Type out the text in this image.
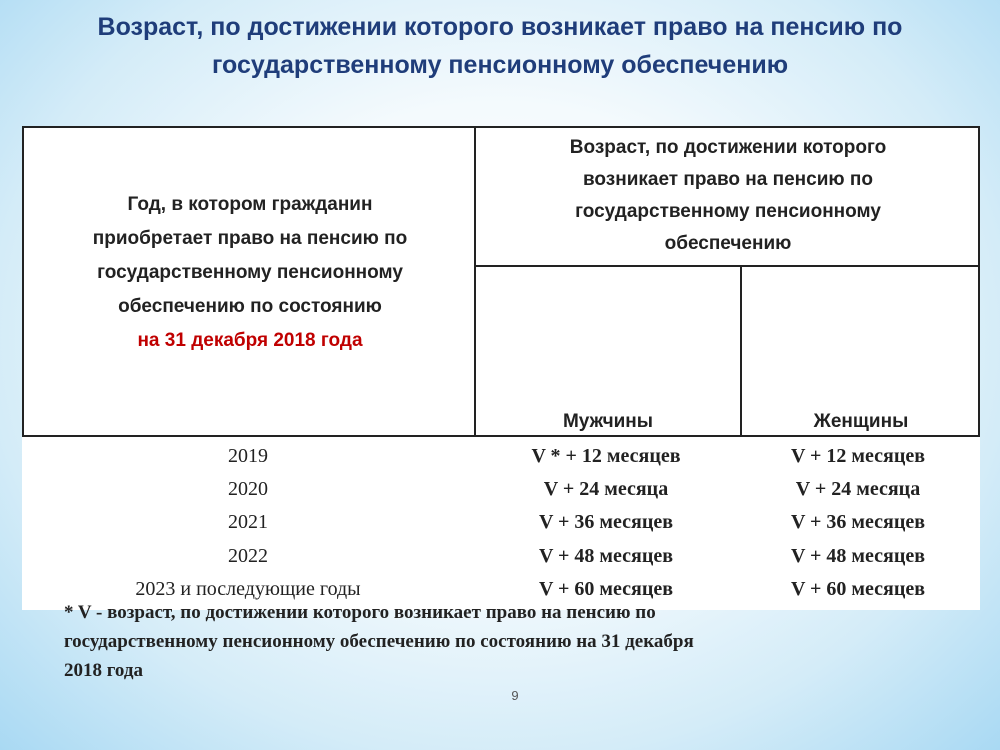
Возраст, по достижении которого возникает право на пенсию по
государственному пенсионному обеспечению
Год, в котором гражданин
приобретает право на пенсию по
государственному пенсионному
обеспечению по состоянию
на 31 декабря 2018 года
Возраст, по достижении которого
возникает право на пенсию по
государственному пенсионному
обеспечению
Мужчины	Женщины
2019	V * + 12 месяцев	V + 12 месяцев
2020	V + 24 месяца	V + 24 месяца
2021	V + 36 месяцев	V + 36 месяцев
2022	V + 48 месяцев	V + 48 месяцев
2023 и последующие годы	V + 60 месяцев	V + 60 месяцев
* V - возраст, по достижении которого возникает право на пенсию по
государственному пенсионному обеспечению по состоянию на 31 декабря
2018 года
9
